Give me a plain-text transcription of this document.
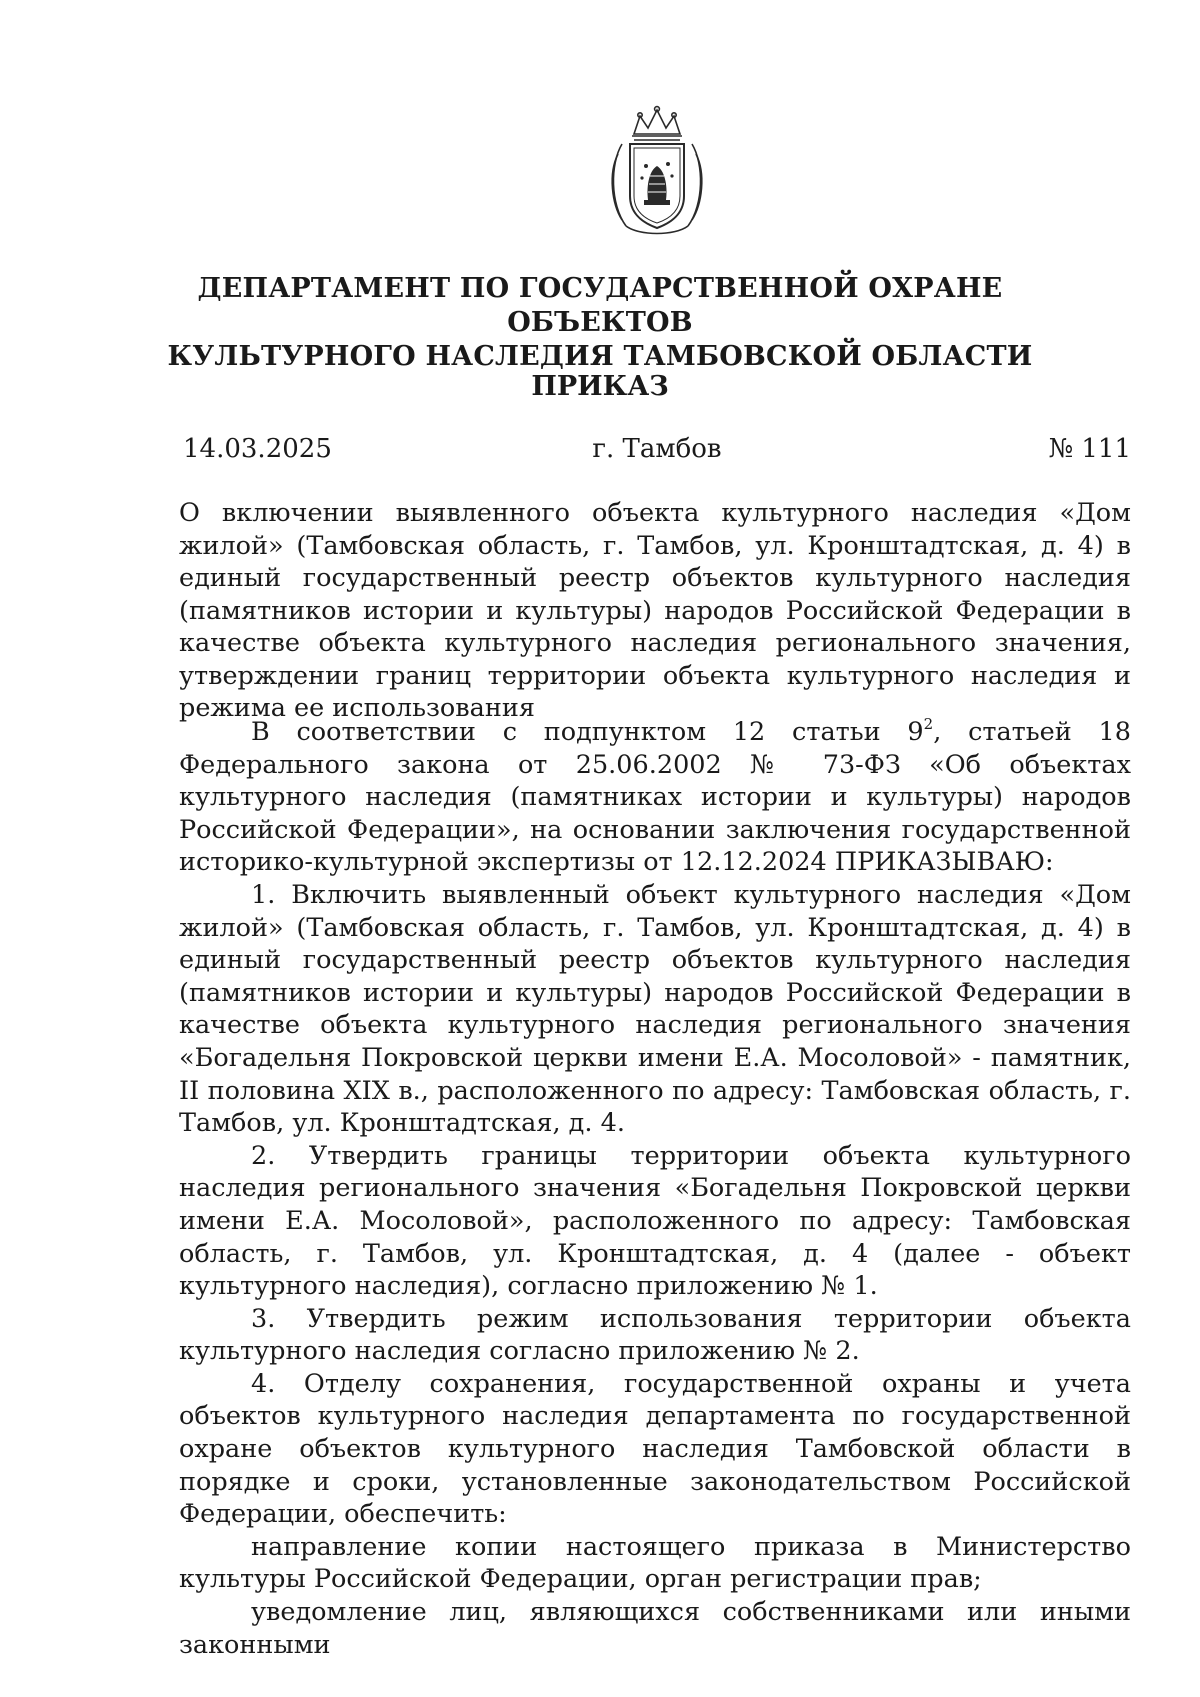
ДЕПАРТАМЕНТ ПО ГОСУДАРСТВЕННОЙ ОХРАНЕ ОБЪЕКТОВ
КУЛЬТУРНОГО НАСЛЕДИЯ ТАМБОВСКОЙ ОБЛАСТИ
ПРИКАЗ
14.03.2025	г. Тамбов	№ 111
О включении выявленного объекта культурного наследия «Дом жилой» (Тамбовская область, г. Тамбов, ул. Кронштадтская, д. 4) в единый государственный реестр объектов культурного наследия (памятников истории и культуры) народов Российской Федерации в качестве объекта культурного наследия регионального значения, утверждении границ территории объекта культурного наследия и режима ее использования

В соответствии с подпунктом 12 статьи $9^2$, статьей 18 Федерального закона от 25.06.2002 № 73-ФЗ «Об объектах культурного наследия (памятниках истории и культуры) народов Российской Федерации», на основании заключения государственной историко-культурной экспертизы от 12.12.2024 ПРИКАЗЫВАЮ:

1. Включить выявленный объект культурного наследия «Дом жилой» (Тамбовская область, г. Тамбов, ул. Кронштадтская, д. 4) в единый государственный реестр объектов культурного наследия (памятников истории и культуры) народов Российской Федерации в качестве объекта культурного наследия регионального значения «Богадельня Покровской церкви имени Е.А. Мосоловой» - памятник, II половина XIX в., расположенного по адресу: Тамбовская область, г. Тамбов, ул. Кронштадтская, д. 4.

2. Утвердить границы территории объекта культурного наследия регионального значения «Богадельня Покровской церкви имени Е.А. Мосоловой», расположенного по адресу: Тамбовская область, г. Тамбов, ул. Кронштадтская, д. 4 (далее - объект культурного наследия), согласно приложению № 1.

3. Утвердить режим использования территории объекта культурного наследия согласно приложению № 2.

4. Отделу сохранения, государственной охраны и учета объектов культурного наследия департамента по государственной охране объектов культурного наследия Тамбовской области в порядке и сроки, установленные законодательством Российской Федерации, обеспечить:

направление копии настоящего приказа в Министерство культуры Российской Федерации, орган регистрации прав;

уведомление лиц, являющихся собственниками или иными законными
